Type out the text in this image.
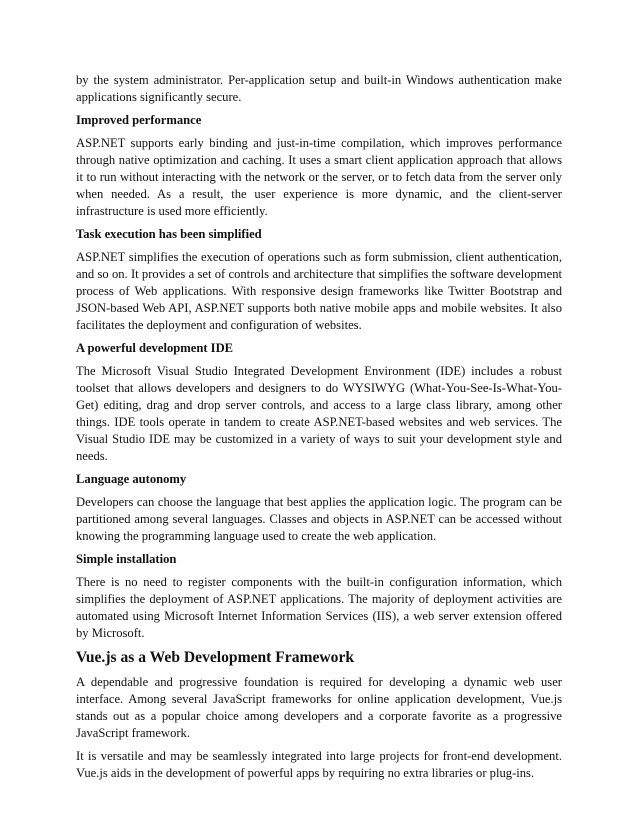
by the system administrator. Per-application setup and built-in Windows authentication make applications significantly secure.

Improved performance

ASP.NET supports early binding and just-in-time compilation, which improves performance through native optimization and caching. It uses a smart client application approach that allows it to run without interacting with the network or the server, or to fetch data from the server only when needed. As a result, the user experience is more dynamic, and the client-server infrastructure is used more efficiently.

Task execution has been simplified

ASP.NET simplifies the execution of operations such as form submission, client authentication, and so on. It provides a set of controls and architecture that simplifies the software development process of Web applications. With responsive design frameworks like Twitter Bootstrap and JSON-based Web API, ASP.NET supports both native mobile apps and mobile websites. It also facilitates the deployment and configuration of websites.

A powerful development IDE

The Microsoft Visual Studio Integrated Development Environment (IDE) includes a robust toolset that allows developers and designers to do WYSIWYG (What-You-See-Is-What-You-Get) editing, drag and drop server controls, and access to a large class library, among other things. IDE tools operate in tandem to create ASP.NET-based websites and web services. The Visual Studio IDE may be customized in a variety of ways to suit your development style and needs.

Language autonomy

Developers can choose the language that best applies the application logic. The program can be partitioned among several languages. Classes and objects in ASP.NET can be accessed without knowing the programming language used to create the web application.

Simple installation

There is no need to register components with the built-in configuration information, which simplifies the deployment of ASP.NET applications. The majority of deployment activities are automated using Microsoft Internet Information Services (IIS), a web server extension offered by Microsoft.

Vue.js as a Web Development Framework

A dependable and progressive foundation is required for developing a dynamic web user interface. Among several JavaScript frameworks for online application development, Vue.js stands out as a popular choice among developers and a corporate favorite as a progressive JavaScript framework.

It is versatile and may be seamlessly integrated into large projects for front-end development. Vue.js aids in the development of powerful apps by requiring no extra libraries or plug-ins.
